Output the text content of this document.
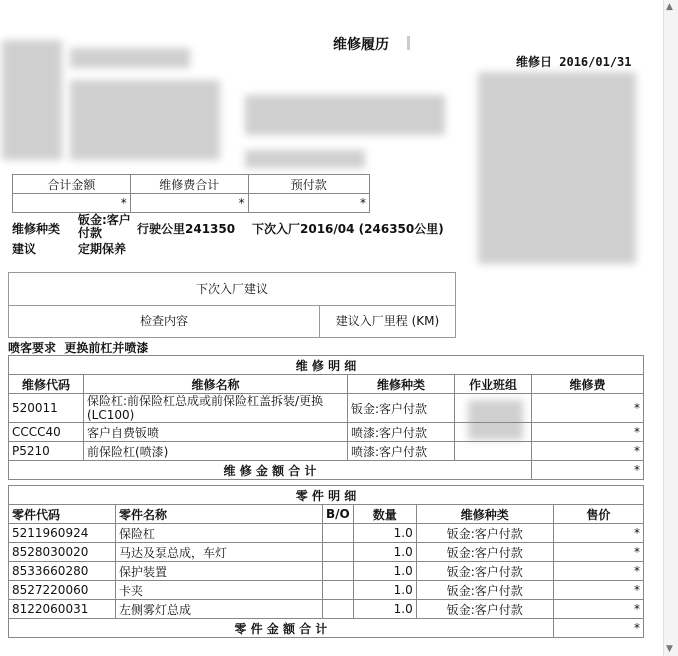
维修履历
维修日 2016/01/31
合计金额	维修费合计	预付款
*	*	*
维修种类
钣金:客户付款	行驶公里241350 下次入厂2016/04 (246350公里)
建议	定期保养
下次入厂建议
检查内容	建议入厂里程 (KM)
喷客要求  更换前杠并喷漆
维 修 明 细				
维修代码	维修名称	维修种类	作业班组	维修费
520011	保险杠:前保险杠总成或前保险杠盖拆装/更换(LC100)	钣金:客户付款		*
CCCC40	客户自费钣喷	喷漆:客户付款		*
P5210	前保险杠(喷漆)	喷漆:客户付款		*
维 修 金 额 合 计				*
零 件 明 细					
零件代码	零件名称	B/O	数量	维修种类	售价
5211960924	保险杠		1.0	钣金:客户付款	*
8528030020	马达及泵总成，车灯		1.0	钣金:客户付款	*
8533660280	保护装置		1.0	钣金:客户付款	*
8527220060	卡夹		1.0	钣金:客户付款	*
8122060031	左侧雾灯总成		1.0	钣金:客户付款	*
零 件 金 额 合 计					*
▲
▼
